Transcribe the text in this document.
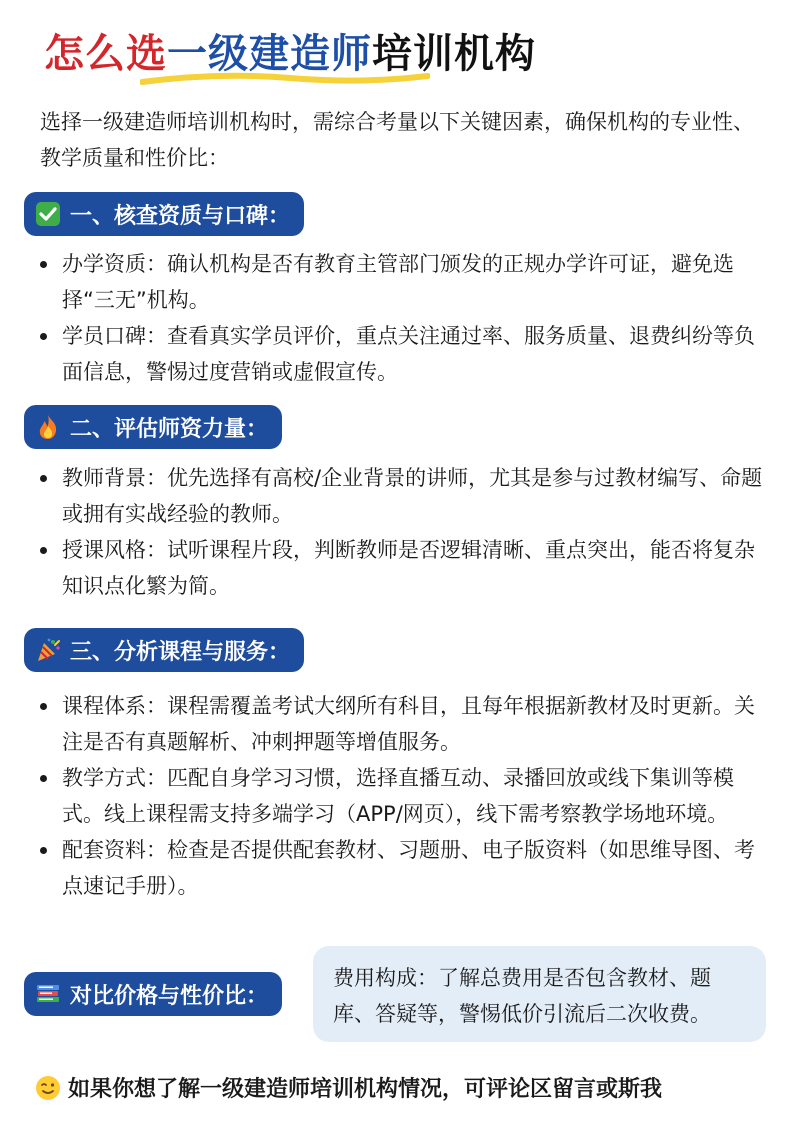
怎么选一级建造师培训机构

选择一级建造师培训机构时，需综合考量以下关键因素，确保机构的专业性、教学质量和性价比：

一、核查资质与口碑：
办学资质：确认机构是否有教育主管部门颁发的正规办学许可证，避免选择“三无”机构。
学员口碑：查看真实学员评价，重点关注通过率、服务质量、退费纠纷等负面信息，警惕过度营销或虚假宣传。
二、评估师资力量：
教师背景：优先选择有高校/企业背景的讲师，尤其是参与过教材编写、命题或拥有实战经验的教师。
授课风格：试听课程片段，判断教师是否逻辑清晰、重点突出，能否将复杂知识点化繁为简。
三、分析课程与服务：
课程体系：课程需覆盖考试大纲所有科目，且每年根据新教材及时更新。关注是否有真题解析、冲刺押题等增值服务。
教学方式：匹配自身学习习惯，选择直播互动、录播回放或线下集训等模式。线上课程需支持多端学习（APP/网页），线下需考察教学场地环境。
配套资料：检查是否提供配套教材、习题册、电子版资料（如思维导图、考点速记手册）。
对比价格与性价比：
费用构成：了解总费用是否包含教材、题库、答疑等，警惕低价引流后二次收费。
如果你想了解一级建造师培训机构情况，可评论区留言或斯我
